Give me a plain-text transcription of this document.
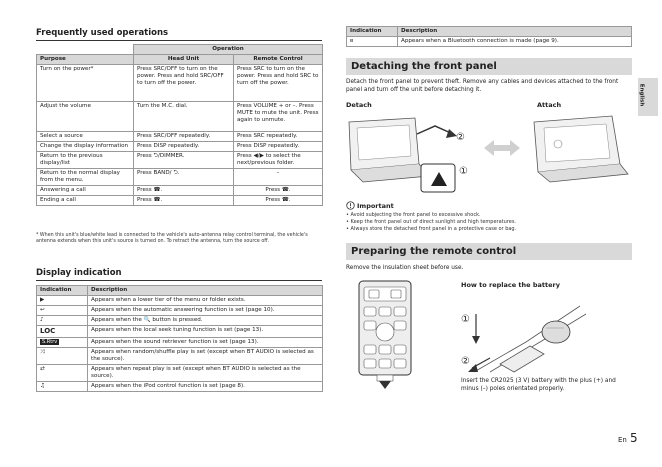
Frequently used operations
	Operation	
Purpose	Head Unit	Remote Control
Turn on the power*	Press SRC/OFF to turn on the power. Press and hold SRC/OFF to turn off the power.	Press SRC to turn on the power. Press and hold SRC to turn off the power.
Adjust the volume	Turn the M.C. dial.	Press VOLUME + or –. Press MUTE to mute the unit. Press again to unmute.
Select a source	Press SRC/OFF repeatedly.	Press SRC repeatedly.
Change the display information	Press DISP repeatedly.	Press DISP repeatedly.
Return to the previous display/list	Press ⮌/DIMMER.	Press ◀/▶ to select the next/previous folder.
Return to the normal display from the menu.	Press BAND/ ⮌.	–
Answering a call	Press ☎.	Press ☎.
Ending a call	Press ☎.	Press ☎.
* When this unit's blue/white lead is connected to the vehicle's auto-antenna relay control terminal, the vehicle's antenna extends when this unit's source is turned on. To retract the antenna, turn the source off.
Display indication
Indication	Description
▶	Appears when a lower tier of the menu or folder exists.
↩	Appears when the automatic answering function is set (page 10).
♪	Appears when the 🔍 button is pressed.
LOC	Appears when the local seek tuning function is set (page 13).
S.Rtrv	Appears when the sound retriever function is set (page 13).
⤨	Appears when random/shuffle play is set (except when BT AUDIO is selected as the source).
⇄	Appears when repeat play is set (except when BT AUDIO is selected as the source).
♫	Appears when the iPod control function is set (page 8).
Indication	Description
ʙ	Appears when a Bluetooth connection is made (page 9).
Detaching the front panel
Detach the front panel to prevent theft. Remove any cables and devices attached to the front panel and turn off the unit before detaching it.
Detach	Attach
②
①
Important
• Avoid subjecting the front panel to excessive shock.
• Keep the front panel out of direct sunlight and high temperatures.
• Always store the detached front panel in a protective case or bag.
Preparing the remote control
Remove the insulation sheet before use.
How to replace the battery
①
②
Insert the CR2025 (3 V) battery with the plus (+) and minus (–) poles orientated properly.
English
En 5
